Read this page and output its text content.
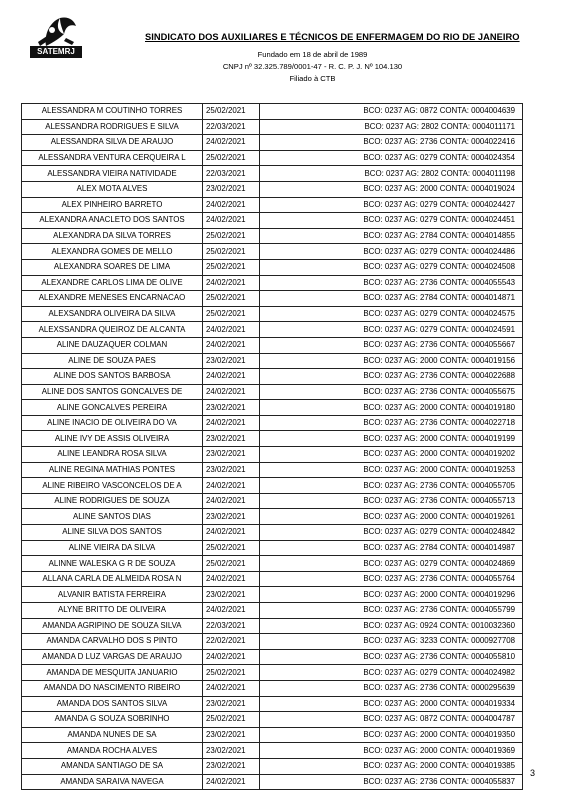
SATEMRJ
SINDICATO DOS AUXILIARES E TÉCNICOS DE ENFERMAGEM DO RIO DE JANEIRO
Fundado em 18 de abril de 1989
CNPJ nº 32.325.789/0001-47 - R. C. P. J. Nº 104.130
Filiado à CTB
ALESSANDRA M COUTINHO TORRES	25/02/2021	BCO: 0237 AG: 0872 CONTA: 0004004639
ALESSANDRA RODRIGUES E SILVA	22/03/2021	BCO: 0237 AG: 2802 CONTA: 0004011171
ALESSANDRA SILVA DE ARAUJO	24/02/2021	BCO: 0237 AG: 2736 CONTA: 0004022416
ALESSANDRA VENTURA CERQUEIRA L	25/02/2021	BCO: 0237 AG: 0279 CONTA: 0004024354
ALESSANDRA VIEIRA NATIVIDADE	22/03/2021	BCO: 0237 AG: 2802 CONTA: 0004011198
ALEX MOTA ALVES	23/02/2021	BCO: 0237 AG: 2000 CONTA: 0004019024
ALEX PINHEIRO BARRETO	24/02/2021	BCO: 0237 AG: 0279 CONTA: 0004024427
ALEXANDRA ANACLETO DOS SANTOS	24/02/2021	BCO: 0237 AG: 0279 CONTA: 0004024451
ALEXANDRA DA SILVA TORRES	25/02/2021	BCO: 0237 AG: 2784 CONTA: 0004014855
ALEXANDRA GOMES DE MELLO	25/02/2021	BCO: 0237 AG: 0279 CONTA: 0004024486
ALEXANDRA SOARES DE LIMA	25/02/2021	BCO: 0237 AG: 0279 CONTA: 0004024508
ALEXANDRE CARLOS LIMA DE OLIVE	24/02/2021	BCO: 0237 AG: 2736 CONTA: 0004055543
ALEXANDRE MENESES ENCARNACAO	25/02/2021	BCO: 0237 AG: 2784 CONTA: 0004014871
ALEXSANDRA OLIVEIRA DA SILVA	25/02/2021	BCO: 0237 AG: 0279 CONTA: 0004024575
ALEXSSANDRA QUEIROZ DE ALCANTA	24/02/2021	BCO: 0237 AG: 0279 CONTA: 0004024591
ALINE DAUZAQUER COLMAN	24/02/2021	BCO: 0237 AG: 2736 CONTA: 0004055667
ALINE DE SOUZA PAES	23/02/2021	BCO: 0237 AG: 2000 CONTA: 0004019156
ALINE DOS SANTOS BARBOSA	24/02/2021	BCO: 0237 AG: 2736 CONTA: 0004022688
ALINE DOS SANTOS GONCALVES DE	24/02/2021	BCO: 0237 AG: 2736 CONTA: 0004055675
ALINE GONCALVES PEREIRA	23/02/2021	BCO: 0237 AG: 2000 CONTA: 0004019180
ALINE INACIO DE OLIVEIRA DO VA	24/02/2021	BCO: 0237 AG: 2736 CONTA: 0004022718
ALINE IVY DE ASSIS OLIVEIRA	23/02/2021	BCO: 0237 AG: 2000 CONTA: 0004019199
ALINE LEANDRA ROSA SILVA	23/02/2021	BCO: 0237 AG: 2000 CONTA: 0004019202
ALINE REGINA MATHIAS PONTES	23/02/2021	BCO: 0237 AG: 2000 CONTA: 0004019253
ALINE RIBEIRO VASCONCELOS DE A	24/02/2021	BCO: 0237 AG: 2736 CONTA: 0004055705
ALINE RODRIGUES DE SOUZA	24/02/2021	BCO: 0237 AG: 2736 CONTA: 0004055713
ALINE SANTOS DIAS	23/02/2021	BCO: 0237 AG: 2000 CONTA: 0004019261
ALINE SILVA DOS SANTOS	24/02/2021	BCO: 0237 AG: 0279 CONTA: 0004024842
ALINE VIEIRA DA SILVA	25/02/2021	BCO: 0237 AG: 2784 CONTA: 0004014987
ALINNE WALESKA G R DE SOUZA	25/02/2021	BCO: 0237 AG: 0279 CONTA: 0004024869
ALLANA CARLA DE ALMEIDA ROSA N	24/02/2021	BCO: 0237 AG: 2736 CONTA: 0004055764
ALVANIR BATISTA FERREIRA	23/02/2021	BCO: 0237 AG: 2000 CONTA: 0004019296
ALYNE BRITTO DE OLIVEIRA	24/02/2021	BCO: 0237 AG: 2736 CONTA: 0004055799
AMANDA AGRIPINO DE SOUZA SILVA	22/03/2021	BCO: 0237 AG: 0924 CONTA: 0010032360
AMANDA CARVALHO DOS S PINTO	22/02/2021	BCO: 0237 AG: 3233 CONTA: 0000927708
AMANDA D LUZ VARGAS DE ARAUJO	24/02/2021	BCO: 0237 AG: 2736 CONTA: 0004055810
AMANDA DE MESQUITA JANUARIO	25/02/2021	BCO: 0237 AG: 0279 CONTA: 0004024982
AMANDA DO NASCIMENTO RIBEIRO	24/02/2021	BCO: 0237 AG: 2736 CONTA: 0000295639
AMANDA DOS SANTOS SILVA	23/02/2021	BCO: 0237 AG: 2000 CONTA: 0004019334
AMANDA G SOUZA SOBRINHO	25/02/2021	BCO: 0237 AG: 0872 CONTA: 0004004787
AMANDA NUNES DE SA	23/02/2021	BCO: 0237 AG: 2000 CONTA: 0004019350
AMANDA ROCHA ALVES	23/02/2021	BCO: 0237 AG: 2000 CONTA: 0004019369
AMANDA SANTIAGO DE SA	23/02/2021	BCO: 0237 AG: 2000 CONTA: 0004019385
AMANDA SARAIVA NAVEGA	24/02/2021	BCO: 0237 AG: 2736 CONTA: 0004055837
3
